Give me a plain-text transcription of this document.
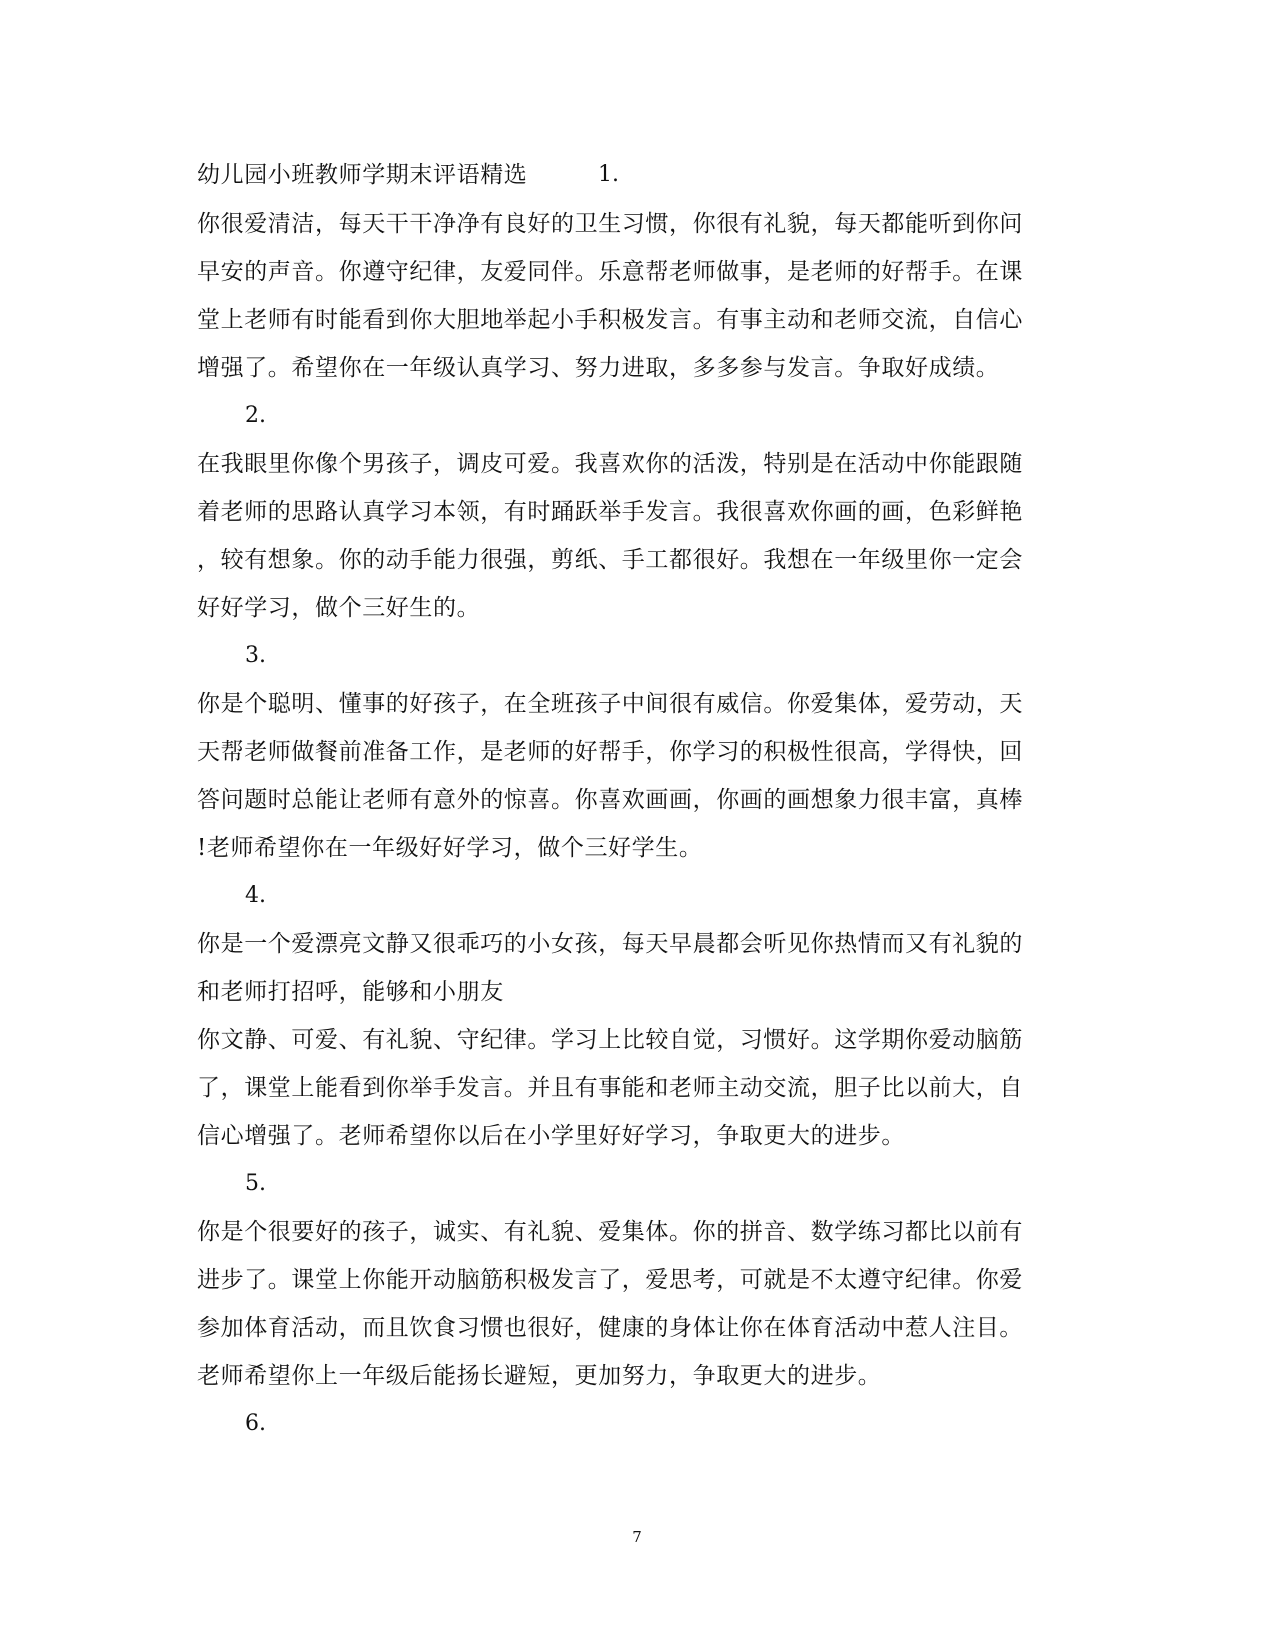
幼儿园小班教师学期末评语精选	1.
你很爱清洁，每天干干净净有良好的卫生习惯，你很有礼貌，每天都能听到你问
早安的声音。你遵守纪律，友爱同伴。乐意帮老师做事，是老师的好帮手。在课
堂上老师有时能看到你大胆地举起小手积极发言。有事主动和老师交流，自信心
增强了。希望你在一年级认真学习、努力进取，多多参与发言。争取好成绩。
2.
在我眼里你像个男孩子，调皮可爱。我喜欢你的活泼，特别是在活动中你能跟随
着老师的思路认真学习本领，有时踊跃举手发言。我很喜欢你画的画，色彩鲜艳
，较有想象。你的动手能力很强，剪纸、手工都很好。我想在一年级里你一定会
好好学习，做个三好生的。
3.
你是个聪明、懂事的好孩子，在全班孩子中间很有威信。你爱集体，爱劳动，天
天帮老师做餐前准备工作，是老师的好帮手，你学习的积极性很高，学得快，回
答问题时总能让老师有意外的惊喜。你喜欢画画，你画的画想象力很丰富，真棒
!老师希望你在一年级好好学习，做个三好学生。
4.
你是一个爱漂亮文静又很乖巧的小女孩，每天早晨都会听见你热情而又有礼貌的
和老师打招呼，能够和小朋友
你文静、可爱、有礼貌、守纪律。学习上比较自觉，习惯好。这学期你爱动脑筋
了，课堂上能看到你举手发言。并且有事能和老师主动交流，胆子比以前大，自
信心增强了。老师希望你以后在小学里好好学习，争取更大的进步。
5.
你是个很要好的孩子，诚实、有礼貌、爱集体。你的拼音、数学练习都比以前有
进步了。课堂上你能开动脑筋积极发言了，爱思考，可就是不太遵守纪律。你爱
参加体育活动，而且饮食习惯也很好，健康的身体让你在体育活动中惹人注目。
老师希望你上一年级后能扬长避短，更加努力，争取更大的进步。
6.
7
